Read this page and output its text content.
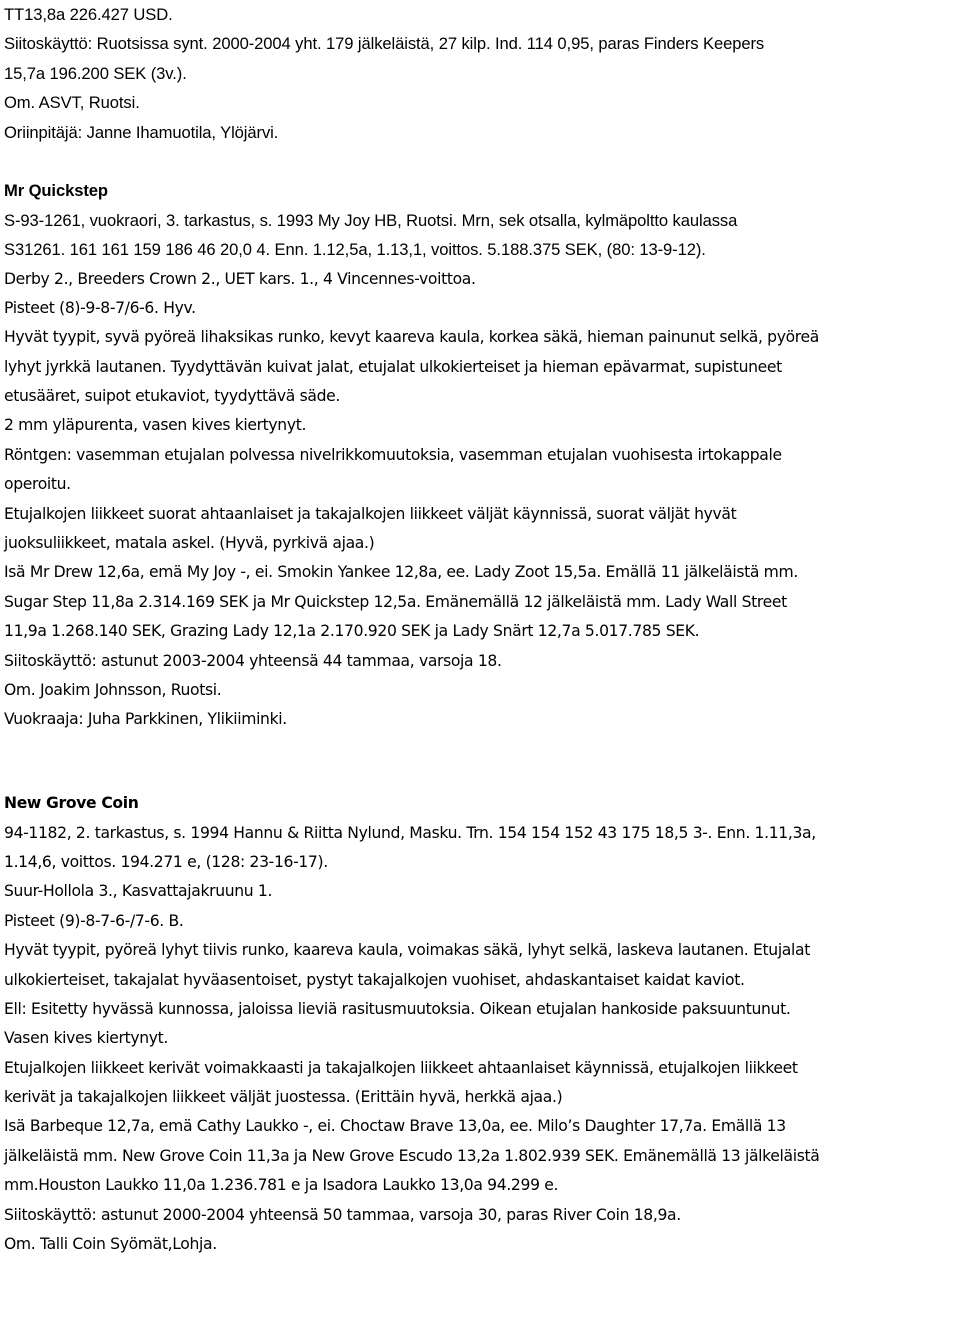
TT13,8a 226.427 USD.
Siitoskäyttö: Ruotsissa synt. 2000-2004 yht. 179 jälkeläistä, 27 kilp. Ind. 114 0,95, paras Finders Keepers
15,7a 196.200 SEK (3v.).
Om. ASVT, Ruotsi.
Oriinpitäjä: Janne Ihamuotila, Ylöjärvi.
Mr Quickstep
S-93-1261, vuokraori, 3. tarkastus, s. 1993 My Joy HB, Ruotsi. Mrn, sek otsalla, kylmäpoltto kaulassa
S31261. 161 161 159 186 46 20,0 4. Enn. 1.12,5a, 1.13,1, voittos. 5.188.375 SEK, (80: 13-9-12).
Derby 2., Breeders Crown 2., UET kars. 1., 4 Vincennes-voittoa.
Pisteet (8)-9-8-7/6-6. Hyv.
Hyvät tyypit, syvä pyöreä lihaksikas runko, kevyt kaareva kaula, korkea säkä, hieman painunut selkä, pyöreä
lyhyt jyrkkä lautanen. Tyydyttävän kuivat jalat, etujalat ulkokierteiset ja hieman epävarmat, supistuneet
etusääret, suipot etukaviot, tyydyttävä säde.
2 mm yläpurenta, vasen kives kiertynyt.
Röntgen: vasemman etujalan polvessa nivelrikkomuutoksia, vasemman etujalan vuohisesta irtokappale
operoitu.
Etujalkojen liikkeet suorat ahtaanlaiset ja takajalkojen liikkeet väljät käynnissä, suorat väljät hyvät
juoksuliikkeet, matala askel. (Hyvä, pyrkivä ajaa.)
Isä Mr Drew 12,6a, emä My Joy -, ei. Smokin Yankee 12,8a, ee. Lady Zoot 15,5a. Emällä 11 jälkeläistä mm.
Sugar Step 11,8a 2.314.169 SEK ja Mr Quickstep 12,5a. Emänemällä 12 jälkeläistä mm. Lady Wall Street
11,9a 1.268.140 SEK, Grazing Lady 12,1a 2.170.920 SEK ja Lady Snärt 12,7a 5.017.785 SEK.
Siitoskäyttö: astunut 2003-2004 yhteensä 44 tammaa, varsoja 18.
Om. Joakim Johnsson, Ruotsi.
Vuokraaja: Juha Parkkinen, Ylikiiminki.
New Grove Coin
94-1182, 2. tarkastus, s. 1994 Hannu & Riitta Nylund, Masku. Trn. 154 154 152 43 175 18,5 3-. Enn. 1.11,3a,
1.14,6, voittos. 194.271 e, (128: 23-16-17).
Suur-Hollola 3., Kasvattajakruunu 1.
Pisteet (9)-8-7-6-/7-6. B.
Hyvät tyypit, pyöreä lyhyt tiivis runko, kaareva kaula, voimakas säkä, lyhyt selkä, laskeva lautanen. Etujalat
ulkokierteiset, takajalat hyväasentoiset, pystyt takajalkojen vuohiset, ahdaskantaiset kaidat kaviot.
Ell: Esitetty hyvässä kunnossa, jaloissa lieviä rasitusmuutoksia. Oikean etujalan hankoside paksuuntunut.
Vasen kives kiertynyt.
Etujalkojen liikkeet kerivät voimakkaasti ja takajalkojen liikkeet ahtaanlaiset käynnissä, etujalkojen liikkeet
kerivät ja takajalkojen liikkeet väljät juostessa. (Erittäin hyvä, herkkä ajaa.)
Isä Barbeque 12,7a, emä Cathy Laukko -, ei. Choctaw Brave 13,0a, ee. Milo’s Daughter 17,7a. Emällä 13
jälkeläistä mm. New Grove Coin 11,3a ja New Grove Escudo 13,2a 1.802.939 SEK. Emänemällä 13 jälkeläistä
mm.Houston Laukko 11,0a 1.236.781 e ja Isadora Laukko 13,0a 94.299 e.
Siitoskäyttö: astunut 2000-2004 yhteensä 50 tammaa, varsoja 30, paras River Coin 18,9a.
Om. Talli Coin Syömät,Lohja.
